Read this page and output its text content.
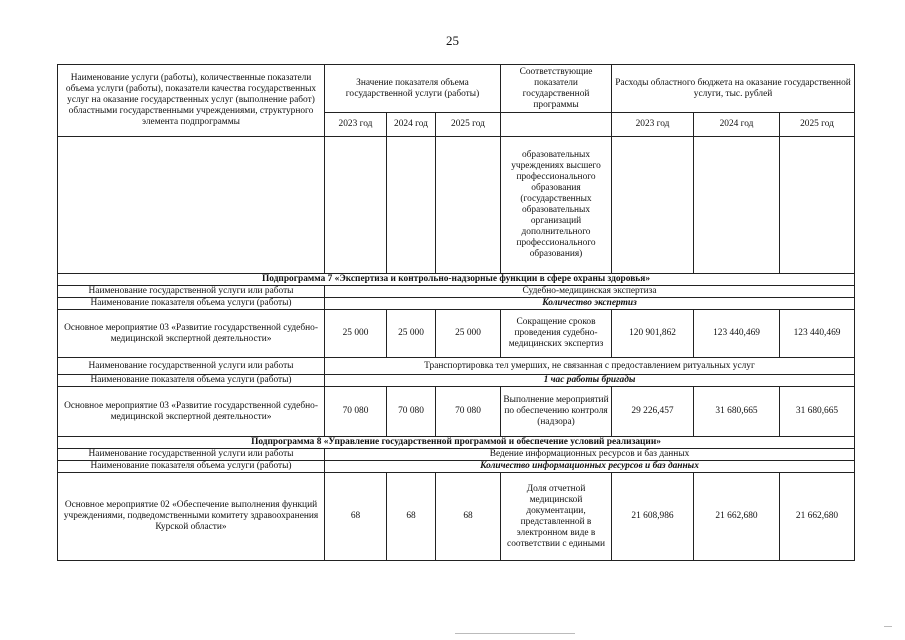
25
Наименование услуги (работы), количественные показатели объема услуги (работы), показатели качества государственных услуг на оказание государственных услуг (выполнение работ) областными государственными учреждениями, структурного элемента подпрограммы	Значение показателя объема государственной услуги (работы)			Соответствующие показатели государственной программы	Расходы областного бюджета на оказание государственной услуги, тыс. рублей		
	2023 год	2024 год	2025 год		2023 год	2024 год	2025 год
				образовательных учреждениях высшего профессионального образования (государственных образовательных организаций дополнительного профессионального образования)			
Подпрограмма 7 «Экспертиза и контрольно-надзорные функции в сфере охраны здоровья»							
Наименование государственной услуги или работы	Судебно-медицинская экспертиза						
Наименование показателя объема услуги (работы)	Количество экспертиз						
Основное мероприятие 03 «Развитие государственной судебно-медицинской экспертной деятельности»	25 000	25 000	25 000	Сокращение сроков проведения судебно-медицинских экспертиз	120 901,862	123 440,469	123 440,469
Наименование государственной услуги или работы	Транспортировка тел умерших, не связанная с предоставлением ритуальных услуг						
Наименование показателя объема услуги (работы)	1 час работы бригады						
Основное мероприятие 03 «Развитие государственной судебно-медицинской экспертной деятельности»	70 080	70 080	70 080	Выполнение мероприятий по обеспечению контроля (надзора)	29 226,457	31 680,665	31 680,665
Подпрограмма 8 «Управление государственной программой и обеспечение условий реализации»							
Наименование государственной услуги или работы	Ведение информационных ресурсов и баз данных						
Наименование показателя объема услуги (работы)	Количество информационных ресурсов и баз данных						
Основное мероприятие 02 «Обеспечение выполнения функций учреждениями, подведомственными комитету здравоохранения Курской области»	68	68	68	Доля отчетной медицинской документации, представленной в электронном виде в соответствии с едиными	21 608,986	21 662,680	21 662,680
